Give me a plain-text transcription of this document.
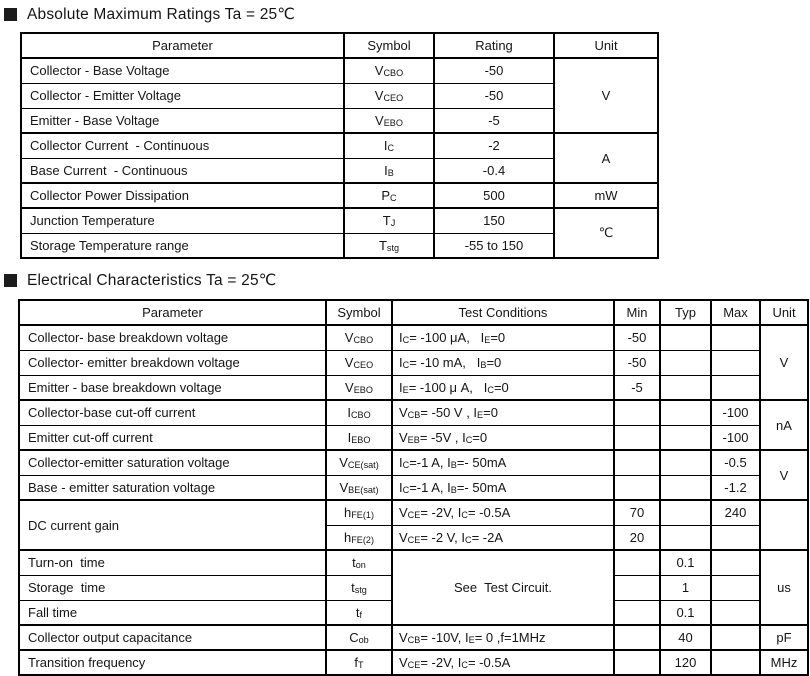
Absolute Maximum Ratings Ta = 25℃
Parameter	Symbol	Rating	Unit
Collector - Base Voltage	$V_{CBO}$	-50	V
Collector - Emitter Voltage	$V_{CEO}$	-50	
Emitter - Base Voltage	$V_{EBO}$	-5	
Collector Current  - Continuous	$I_C$	-2	A
Base Current  - Continuous	$I_B$	-0.4	
Collector Power Dissipation	$P_C$	500	mW
Junction Temperature	$T_J$	150	℃
Storage Temperature range	$T_{stg}$	-55 to 150	
Electrical Characteristics Ta = 25℃
Parameter	Symbol	Test Conditions	Min	Typ	Max	Unit
Collector- base breakdown voltage	$V_{CBO}$	$I_C= -100$ μA,   $I_E=0$	-50			V
Collector- emitter breakdown voltage	$V_{CEO}$	$I_C= -10$ mA,   $I_B=0$	-50			
Emitter - base breakdown voltage	$V_{EBO}$	$I_E= -100$ μ A,   $I_C=0$	-5			
Collector-base cut-off current	$I_{CBO}$	$V_{CB}= -50$ V , $I_E=0$			-100	nA
Emitter cut-off current	$I_{EBO}$	$V_{EB}= -5V$ , $I_C=0$			-100	
Collector-emitter saturation voltage	$V_{CE(sat)}$	$I_C=-1$ A, $I_B=-$ 50mA			-0.5	V
Base - emitter saturation voltage	$V_{BE(sat)}$	$I_C=-1$ A, $I_B=-$ 50mA			-1.2	
DC current gain	$h_{FE(1)}$	$V_{CE}= -2V$, $I_C= -0.5A$	70		240	
	$h_{FE(2)}$	$V_{CE}= -2$ V, $I_C= -2A$	20			
Turn-on  time	$t_{on}$	See  Test Circuit.		0.1		us
Storage  time	$t_{stg}$			1		
Fall time	$t_f$			0.1		
Collector output capacitance	$C_{ob}$	$V_{CB}= -10V$, $I_E= 0$ ,f=1MHz		40		pF
Transition frequency	$f_T$	$V_{CE}= -2V$, $I_C= -0.5A$		120		MHz
